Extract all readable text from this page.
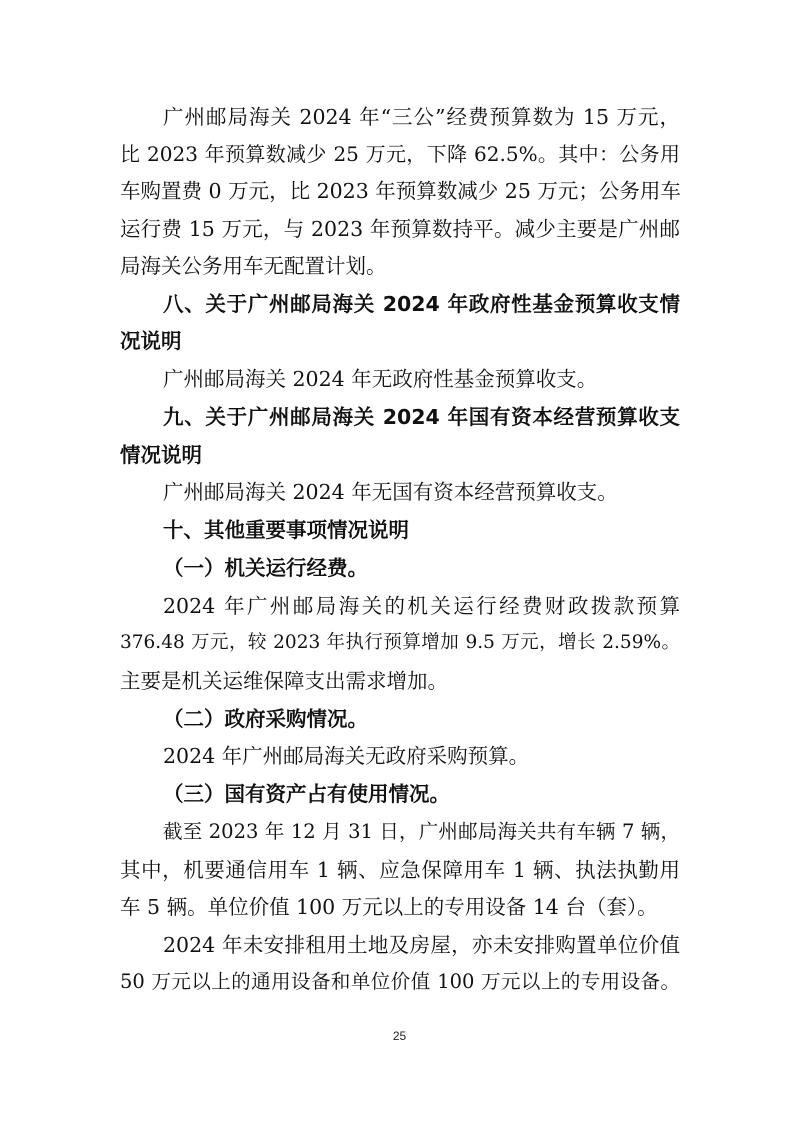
广州邮局海关 2024 年“三公”经费预算数为 15 万元，
比 2023 年预算数减少 25 万元，下降 62.5%。其中：公务用
车购置费 0 万元，比 2023 年预算数减少 25 万元；公务用车
运行费 15 万元，与 2023 年预算数持平。减少主要是广州邮
局海关公务用车无配置计划。
八、关于广州邮局海关 2024 年政府性基金预算收支情
况说明
广州邮局海关 2024 年无政府性基金预算收支。
九、关于广州邮局海关 2024 年国有资本经营预算收支
情况说明
广州邮局海关 2024 年无国有资本经营预算收支。
十、其他重要事项情况说明
（一）机关运行经费。
2024 年广州邮局海关的机关运行经费财政拨款预算
376.48 万元，较 2023 年执行预算增加 9.5 万元，增长 2.59%。
主要是机关运维保障支出需求增加。
（二）政府采购情况。
2024 年广州邮局海关无政府采购预算。
（三）国有资产占有使用情况。
截至 2023 年 12 月 31 日，广州邮局海关共有车辆 7 辆，
其中，机要通信用车 1 辆、应急保障用车 1 辆、执法执勤用
车 5 辆。单位价值 100 万元以上的专用设备 14 台（套）。
2024 年未安排租用土地及房屋，亦未安排购置单位价值
50 万元以上的通用设备和单位价值 100 万元以上的专用设备。
25
